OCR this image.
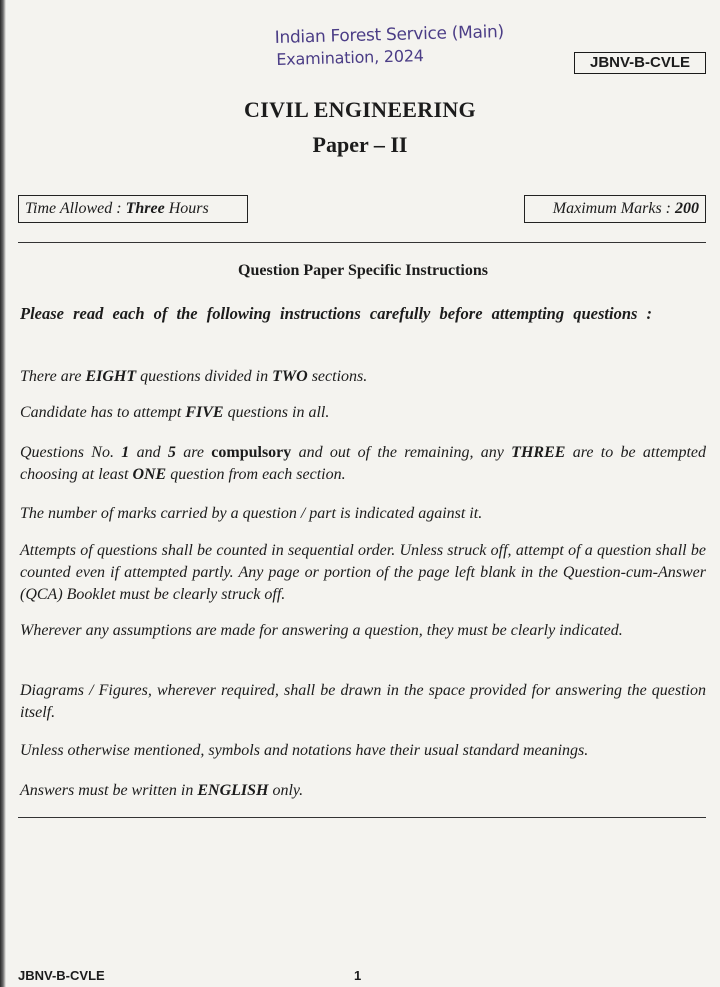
Indian Forest Service (Main)
Examination, 2024	JBNV-B-CVLE
CIVIL ENGINEERING
Paper – II
Time Allowed : Three Hours	Maximum Marks : 200
Question Paper Specific Instructions
Please read each of the following instructions carefully before attempting questions :
There are EIGHT questions divided in TWO sections.
Candidate has to attempt FIVE questions in all.
Questions No. 1 and 5 are compulsory and out of the remaining, any THREE are to be attempted choosing at least ONE question from each section.
The number of marks carried by a question / part is indicated against it.
Attempts of questions shall be counted in sequential order. Unless struck off, attempt of a question shall be counted even if attempted partly. Any page or portion of the page left blank in the Question-cum-Answer (QCA) Booklet must be clearly struck off.
Wherever any assumptions are made for answering a question, they must be clearly indicated.
Diagrams / Figures, wherever required, shall be drawn in the space provided for answering the question itself.
Unless otherwise mentioned, symbols and notations have their usual standard meanings.
Answers must be written in ENGLISH only.
JBNV-B-CVLE	1
